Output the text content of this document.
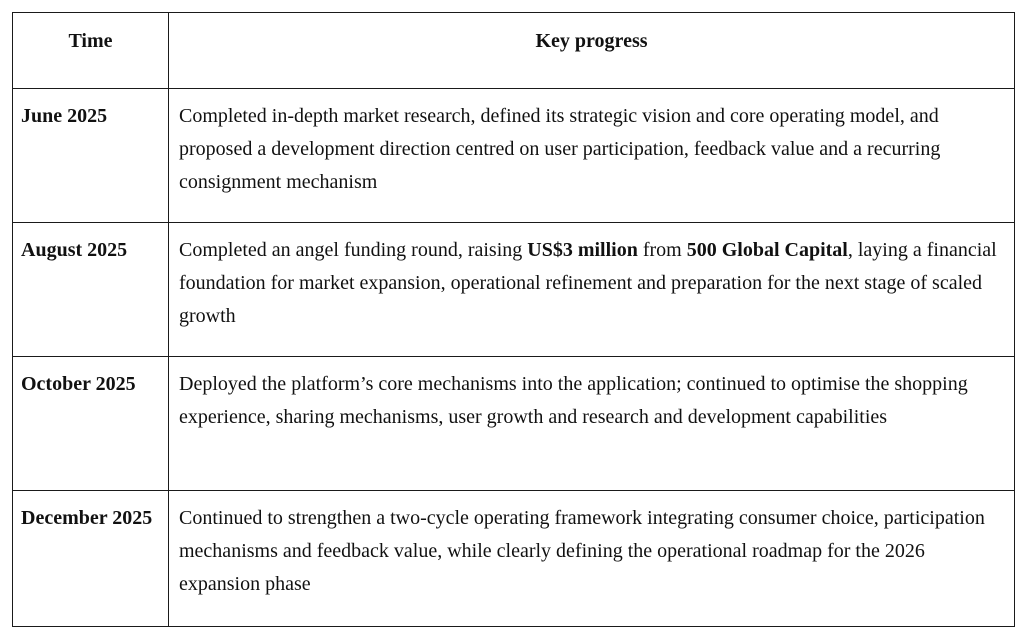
Time	Key progress
June 2025	Completed in-depth market research, defined its strategic vision and core operating model, and proposed a development direction centred on user participation, feedback value and a recurring consignment mechanism
August 2025	Completed an angel funding round, raising US$3 million from 500 Global Capital, laying a financial foundation for market expansion, operational refinement and preparation for the next stage of scaled growth
October 2025	Deployed the platform’s core mechanisms into the application; continued to optimise the shopping experience, sharing mechanisms, user growth and research and development capabilities
December 2025	Continued to strengthen a two-cycle operating framework integrating consumer choice, participation mechanisms and feedback value, while clearly defining the operational roadmap for the 2026 expansion phase
